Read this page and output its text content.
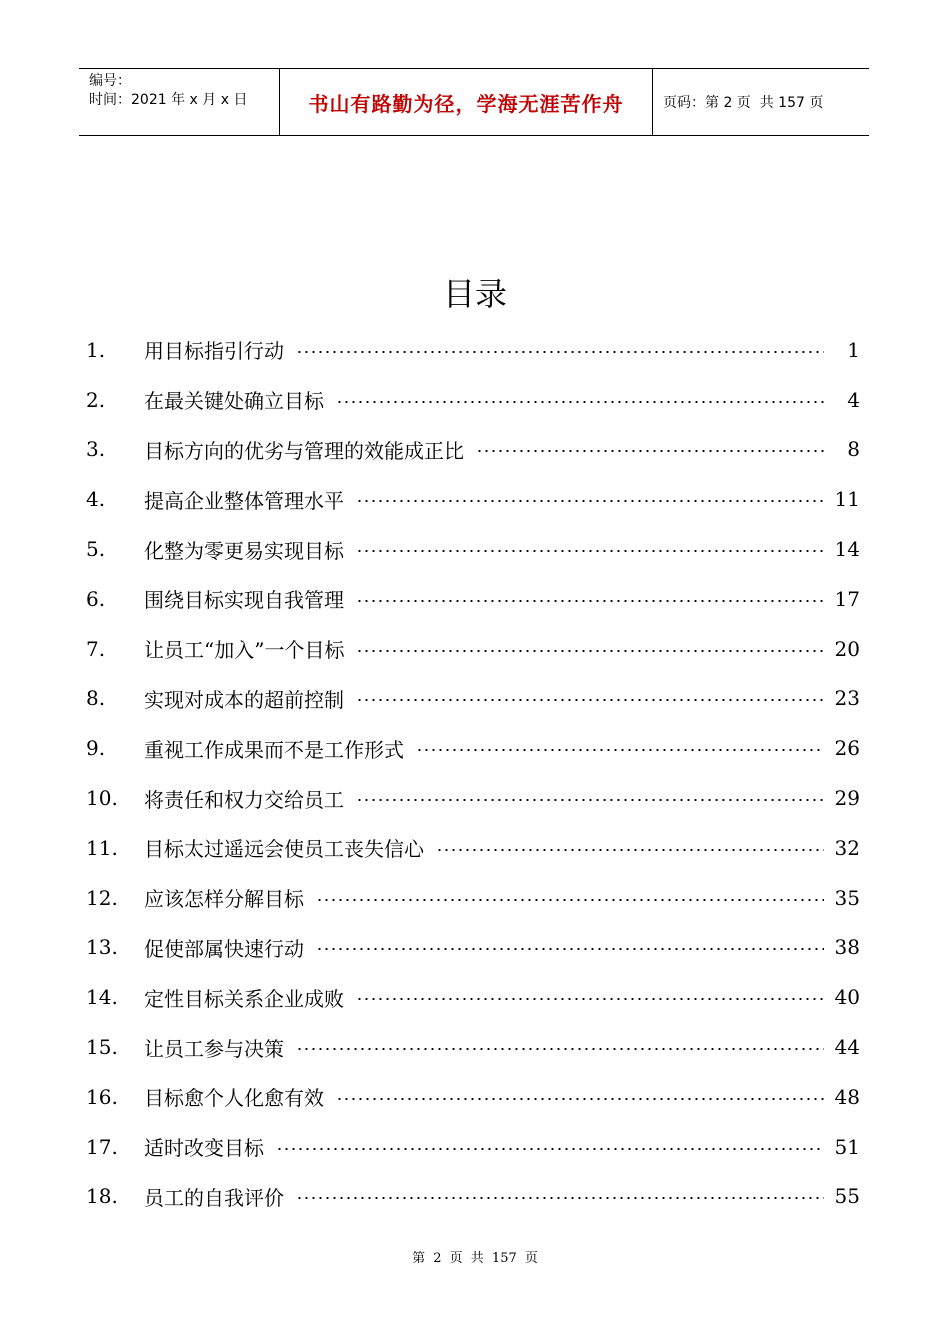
编号：
时间：2021 年 x 月 x 日	书山有路勤为径，学海无涯苦作舟	页码：第 2 页  共 157 页
目录
1.	用目标指引行动	1
2.	在最关键处确立目标	4
3.	目标方向的优劣与管理的效能成正比	8
4.	提高企业整体管理水平	11
5.	化整为零更易实现目标	14
6.	围绕目标实现自我管理	17
7.	让员工“加入”一个目标	20
8.	实现对成本的超前控制	23
9.	重视工作成果而不是工作形式	26
10.	将责任和权力交给员工	29
11.	目标太过遥远会使员工丧失信心	32
12.	应该怎样分解目标	35
13.	促使部属快速行动	38
14.	定性目标关系企业成败	40
15.	让员工参与决策	44
16.	目标愈个人化愈有效	48
17.	适时改变目标	51
18.	员工的自我评价	55
第 2 页 共 157 页
